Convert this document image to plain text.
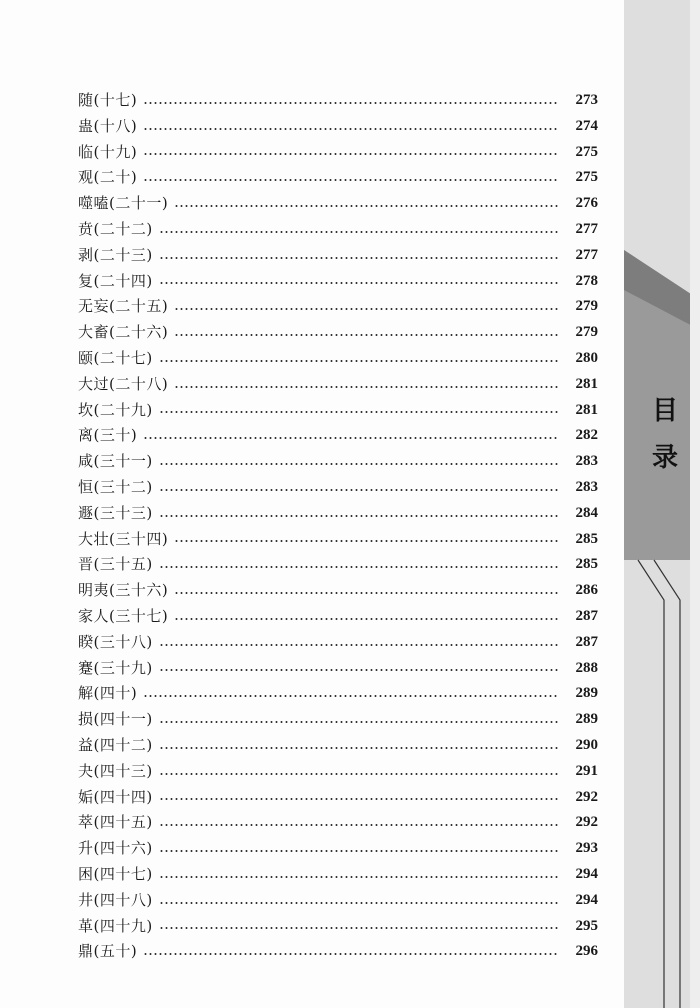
随(十七)	273
蛊(十八)	274
临(十九)	275
观(二十)	275
噬嗑(二十一)	276
贲(二十二)	277
剥(二十三)	277
复(二十四)	278
无妄(二十五)	279
大畜(二十六)	279
颐(二十七)	280
大过(二十八)	281
坎(二十九)	281
离(三十)	282
咸(三十一)	283
恒(三十二)	283
遯(三十三)	284
大壮(三十四)	285
晋(三十五)	285
明夷(三十六)	286
家人(三十七)	287
睽(三十八)	287
蹇(三十九)	288
解(四十)	289
损(四十一)	289
益(四十二)	290
夬(四十三)	291
姤(四十四)	292
萃(四十五)	292
升(四十六)	293
困(四十七)	294
井(四十八)	294
革(四十九)	295
鼎(五十)	296
目
录
